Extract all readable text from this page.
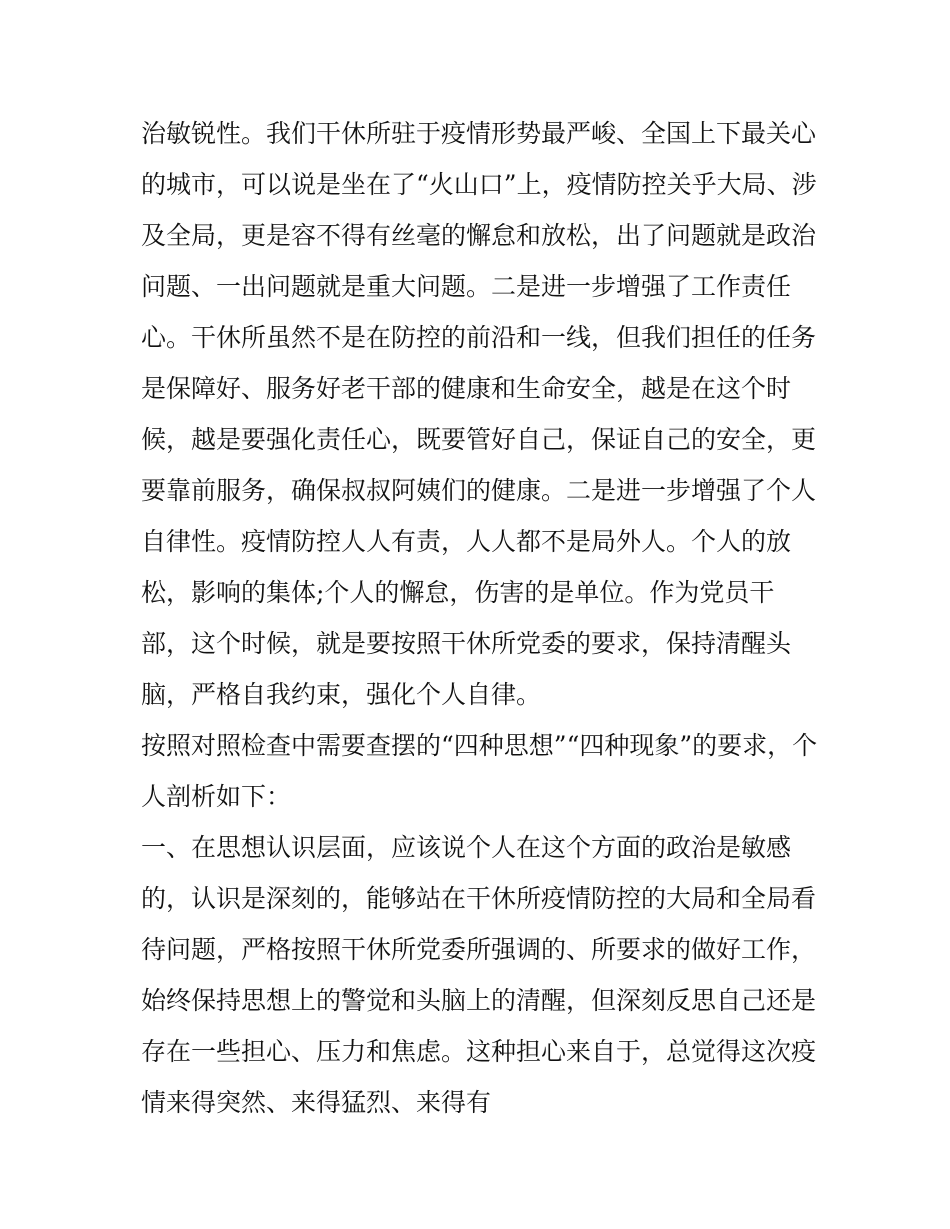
治敏锐性。我们干休所驻于疫情形势最严峻、全国上下最关心
的城市，可以说是坐在了“火山口”上，疫情防控关乎大局、涉
及全局，更是容不得有丝毫的懈怠和放松，出了问题就是政治
问题、一出问题就是重大问题。二是进一步增强了工作责任
心。干休所虽然不是在防控的前沿和一线，但我们担任的任务
是保障好、服务好老干部的健康和生命安全，越是在这个时
候，越是要强化责任心，既要管好自己，保证自己的安全，更
要靠前服务，确保叔叔阿姨们的健康。二是进一步增强了个人
自律性。疫情防控人人有责，人人都不是局外人。个人的放
松，影响的集体;个人的懈怠，伤害的是单位。作为党员干
部，这个时候，就是要按照干休所党委的要求，保持清醒头
脑，严格自我约束，强化个人自律。
按照对照检查中需要查摆的“四种思想”“四种现象”的要求，个
人剖析如下：
一、在思想认识层面，应该说个人在这个方面的政治是敏感
的，认识是深刻的，能够站在干休所疫情防控的大局和全局看
待问题，严格按照干休所党委所强调的、所要求的做好工作，
始终保持思想上的警觉和头脑上的清醒，但深刻反思自己还是
存在一些担心、压力和焦虑。这种担心来自于，总觉得这次疫
情来得突然、来得猛烈、来得有
